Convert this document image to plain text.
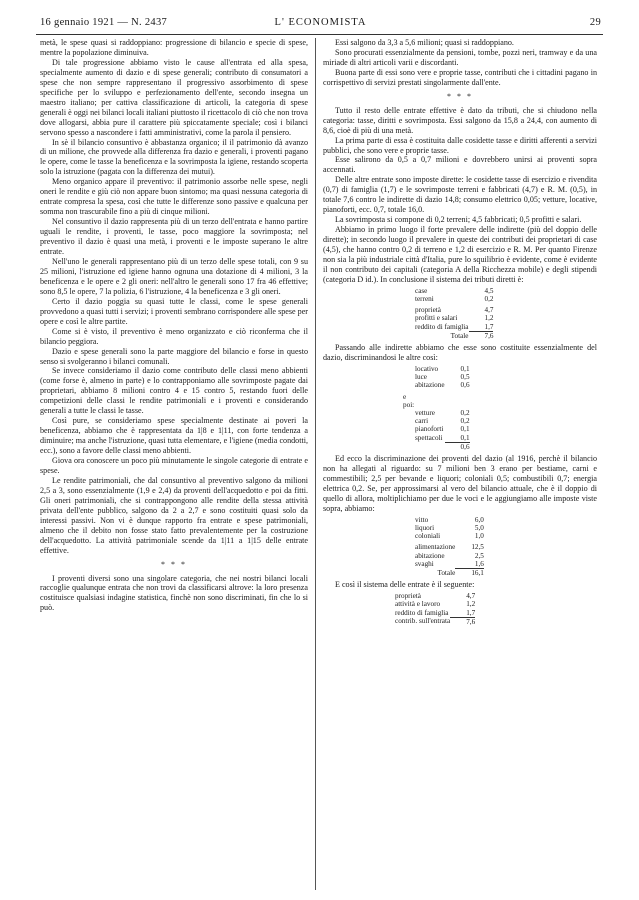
16 gennaio 1921 — N. 2437	L' ECONOMISTA	29

metà, le spese quasi si raddoppiano: progressione di bilancio e specie di spese, mentre la popolazione diminuiva.

Di tale progressione abbiamo visto le cause all'entrata ed alla spesa, specialmente aumento di dazio e di spese generali; contributo di consumatori a spese che non sempre rappresentano il progressivo assorbimento di spese specifiche per lo sviluppo e perfezionamento dell'ente, secondo insegna un maestro italiano; per cattiva classificazione di articoli, la categoria di spese generali è oggi nei bilanci locali italiani piuttosto il ricettacolo di ciò che non trova dove allogarsi, abbia pure il carattere più spiccatamente speciale; così i bilanci servono spesso a nascondere i fatti amministrativi, come la parola il pensiero.

In sè il bilancio consuntivo è abbastanza organico; il il patrimonio dà avanzo di un milione, che provvede alla differenza fra dazio e generali, i proventi pagano le opere, come le tasse la beneficenza e la sovrimposta la igiene, restando scoperta solo la istruzione (pagata con la differenza dei mutui).

Meno organico appare il preventivo: il patrimonio assorbe nelle spese, negli oneri le rendite e giù ciò non appare buon sintomo; ma quasi nessuna categoria di entrate compresa la spesa, così che tutte le differenze sono passive e qualcuna per somma non trascurabile fino a più di cinque milioni.

Nel consuntivo il dazio rappresenta più di un terzo dell'entrata e hanno partire uguali le rendite, i proventi, le tasse, poco maggiore la sovrimposta; nel preventivo il dazio è quasi una metà, i proventi e le imposte superano le altre entrate.

Nell'uno le generali rappresentano più di un terzo delle spese totali, con 9 su 25 milioni, l'istruzione ed igiene hanno ognuna una dotazione di 4 milioni, 3 la beneficenza e le opere e 2 gli oneri: nell'altro le generali sono 17 fra 46 effettive; sono 8,5 le opere, 7 la polizia, 6 l'istruzione, 4 la beneficenza e 3 gli oneri.

Certo il dazio poggia su quasi tutte le classi, come le spese generali provvedono a quasi tutti i servizi; i proventi sembrano corrispondere alle spese per opere e così le altre partite.

Come si è visto, il preventivo è meno organizzato e ciò riconferma che il bilancio peggiora.

Dazio e spese generali sono la parte maggiore del bilancio e forse in questo senso si svolgeranno i bilanci comunali.

Se invece consideriamo il dazio come contributo delle classi meno abbienti (come forse è, almeno in parte) e lo contrapponiamo alle sovrimposte pagate dai proprietari, abbiamo 8 milioni contro 4 e 15 contro 5, restando fuori delle competizioni delle classi le rendite patrimoniali e i proventi e considerando generali a tutte le classi le tasse.

Così pure, se consideriamo spese specialmente destinate ai poveri la beneficenza, abbiamo che è rappresentata da 1|8 e 1|11, con forte tendenza a diminuire; ma anche l'istruzione, quasi tutta elementare, e l'igiene (media condotti, ecc.), sono a favore delle classi meno abbienti.

Giova ora conoscere un poco più minutamente le singole categorie di entrate e spese.

Le rendite patrimoniali, che dal consuntivo al preventivo salgono da milioni 2,5 a 3, sono essenzialmente (1,9 e 2,4) da proventi dell'acquedotto e poi da fitti. Gli oneri patrimoniali, che si contrappongono alle rendite della stessa attività privata dell'ente pubblico, salgono da 2 a 2,7 e sono costituiti quasi solo da interessi passivi. Non vi è dunque rapporto fra entrate e spese patrimoniali, almeno che il debito non fosse stato fatto prevalentemente per la costruzione dell'acquedotto. La attività patrimoniale scende da 1|11 a 1|15 delle entrate effettive.

* * *

I proventi diversi sono una singolare categoria, che nei nostri bilanci locali raccoglie qualunque entrata che non trovi da classificarsi altrove: la loro presenza costituisce qualsiasi indagine statistica, finchè non sono discriminati, fin che lo si può.

Essi salgono da 3,3 a 5,6 milioni; quasi si raddoppiano.

Sono procurati essenzialmente da pensioni, tombe, pozzi neri, tramway e da una miriade di altri articoli varii e discordanti.

Buona parte di essi sono vere e proprie tasse, contributi che i cittadini pagano in corrispettivo di servizi prestati singolarmente dall'ente.

* * *

Tutto il resto delle entrate effettive è dato da tributi, che si chiudono nella categoria: tasse, diritti e sovrimposta. Essi salgono da 15,8 a 24,4, con aumento di 8,6, cioè di più di una metà.

La prima parte di essa è costituita dalle cosidette tasse e diritti afferenti a servizi pubblici, che sono vere e proprie tasse.

Esse salirono da 0,5 a 0,7 milioni e dovrebbero unirsi ai proventi sopra accennati.

Delle altre entrate sono imposte dirette: le cosidette tasse di esercizio e rivendita (0,7) di famiglia (1,7) e le sovrimposte terreni e fabbricati (4,7) e R. M. (0,5), in totale 7,6 contro le indirette di dazio 14,8; consumo elettrico 0,05; vetture, locative, pianoforti, ecc. 0,7, totale 16,0.

La sovrimposta si compone di 0,2 terreni; 4,5 fabbricati; 0,5 profitti e salari.

Abbiamo in primo luogo il forte prevalere delle indirette (più del doppio delle dirette); in secondo luogo il prevalere in queste dei contributi dei proprietari di case (4,5), che hanno contro 0,2 di terreno e 1,2 di esercizio e R. M. Per quanto Firenze non sia la più industriale città d'Italia, pure lo squilibrio è evidente, come è evidente il non contributo dei capitali (categoria A della Ricchezza mobile) e degli stipendi (categoria D id.). In conclusione il sistema dei tributi diretti è:

case	4,5
terreni	0,2

proprietà	4,7
profitti e salari	1,2
reddito di famiglia	1,7
Totale	7,6

Passando alle indirette abbiamo che esse sono costituite essenzialmente del dazio, discriminandosi le altre così:

	locativo	0,1
	luce	0,5
	abitazione	0,6

e poi:		
	vetture	0,2
	carri	0,2
	pianoforti	0,1
	spettacoli	0,1
		0,6

Ed ecco la discriminazione dei proventi del dazio (al 1916, perchè il bilancio non ha allegati al riguardo: su 7 milioni ben 3 erano per bestiame, carni e commestibili; 2,5 per bevande e liquori; coloniali 0,5; combustibili 0,7; energia elettrica 0,2. Se, per approssimarsi al vero del bilancio attuale, che è il doppio di quello di allora, moltiplichiamo per due le voci e le aggiungiamo alle imposte viste sopra, abbiamo:

vitto	6,0
liquori	5,0
coloniali	1,0

alimentazione	12,5
abitazione	2,5
svaghi	1,6
Totale	16,1

E così il sistema delle entrate è il seguente:

proprietà	4,7
attività e lavoro	1,2
reddito di famiglia	1,7
contrib. sull'entrata	7,6
